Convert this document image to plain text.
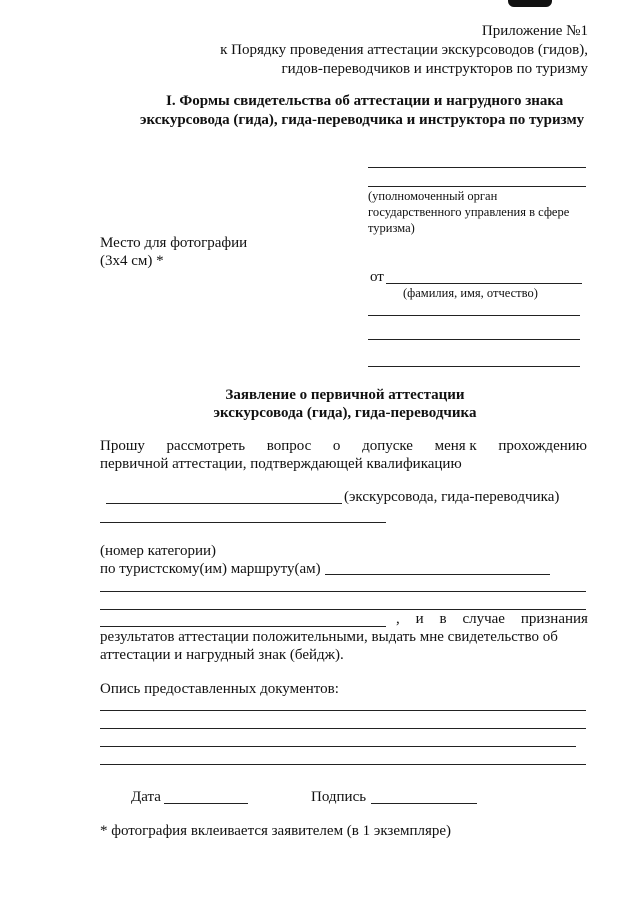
Приложение №1
к Порядку проведения аттестации экскурсоводов (гидов),
гидов-переводчиков и инструкторов по туризму
I. Формы свидетельства об аттестации и нагрудного знака
экскурсовода (гида), гида-переводчика и инструктора по туризму
(уполномоченный орган
государственного управления в сфере
туризма)
Место для фотографии
(3х4 см) *
от
(фамилия, имя, отчество)
Заявление о первичной аттестации
экскурсовода (гида), гида-переводчика
Прошу рассмотреть вопрос о допуске меня к прохождению
первичной аттестации, подтверждающей квалификацию
(экскурсовода, гида-переводчика)
(номер категории)
по туристскому(им) маршруту(ам)
, и в случае признания
результатов аттестации положительными, выдать мне свидетельство об
аттестации и нагрудный знак (бейдж).
Опись предоставленных документов:
Дата	Подпись
* фотография вклеивается заявителем (в 1 экземпляре)
